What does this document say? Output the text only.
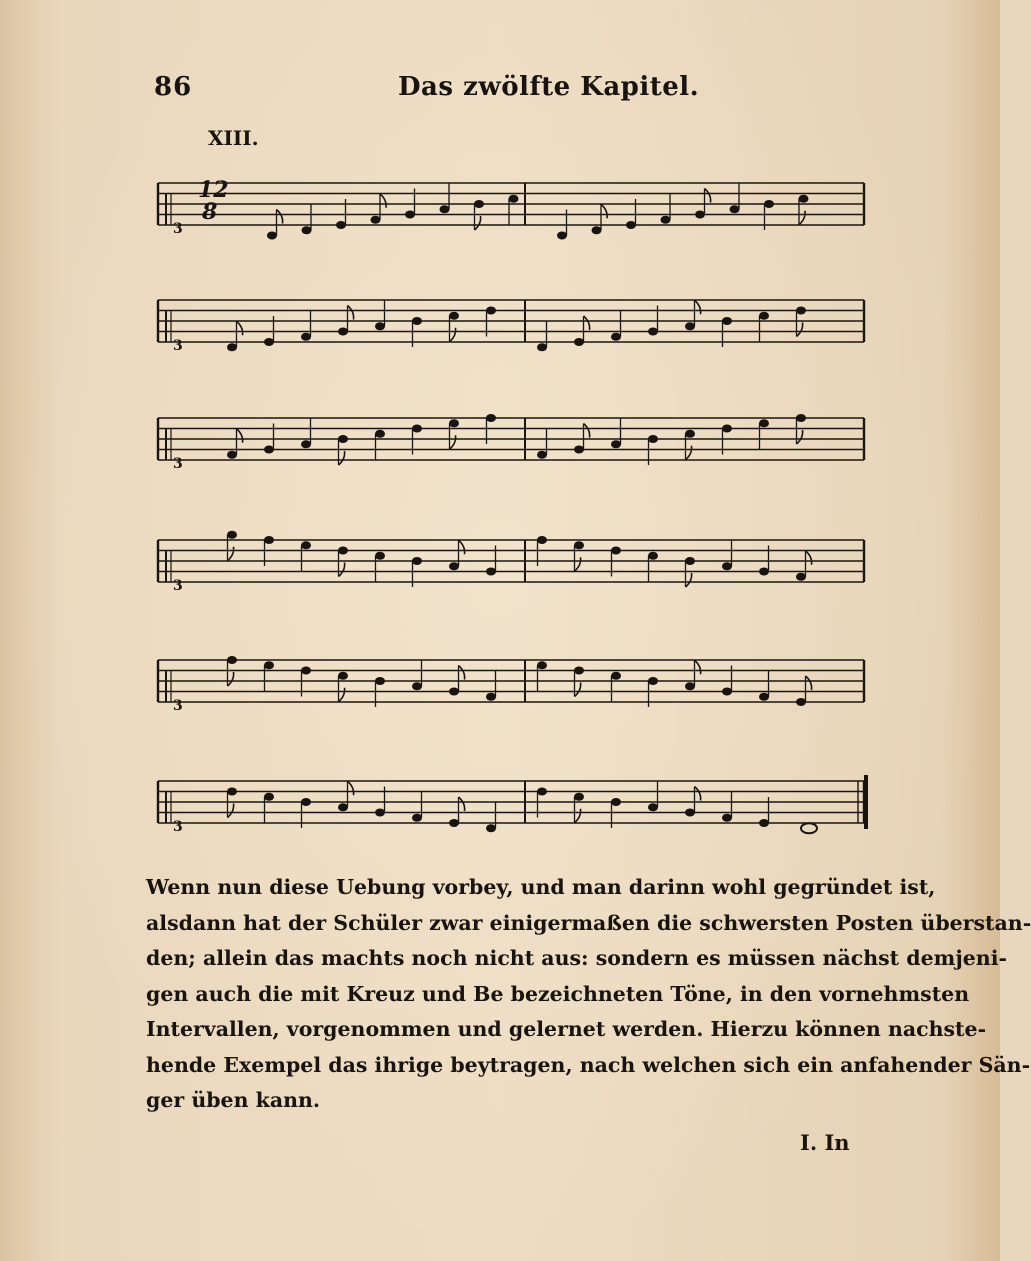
86	Das zwölfte Kapitel.
XIII.
3
12
8
3
3
3
3
3
Wenn nun diese Uebung vorbey, und man darinn wohl gegründet ist,
alsdann hat der Schüler zwar einigermaßen die schwersten Posten überstan-
den; allein das machts noch nicht aus: sondern es müssen nächst demjeni-
gen auch die mit Kreuz und Be bezeichneten Töne, in den vornehmsten
Intervallen, vorgenommen und gelernet werden. Hierzu können nachste-
hende Exempel das ihrige beytragen, nach welchen sich ein anfahender Sän-
ger üben kann.
I. In
